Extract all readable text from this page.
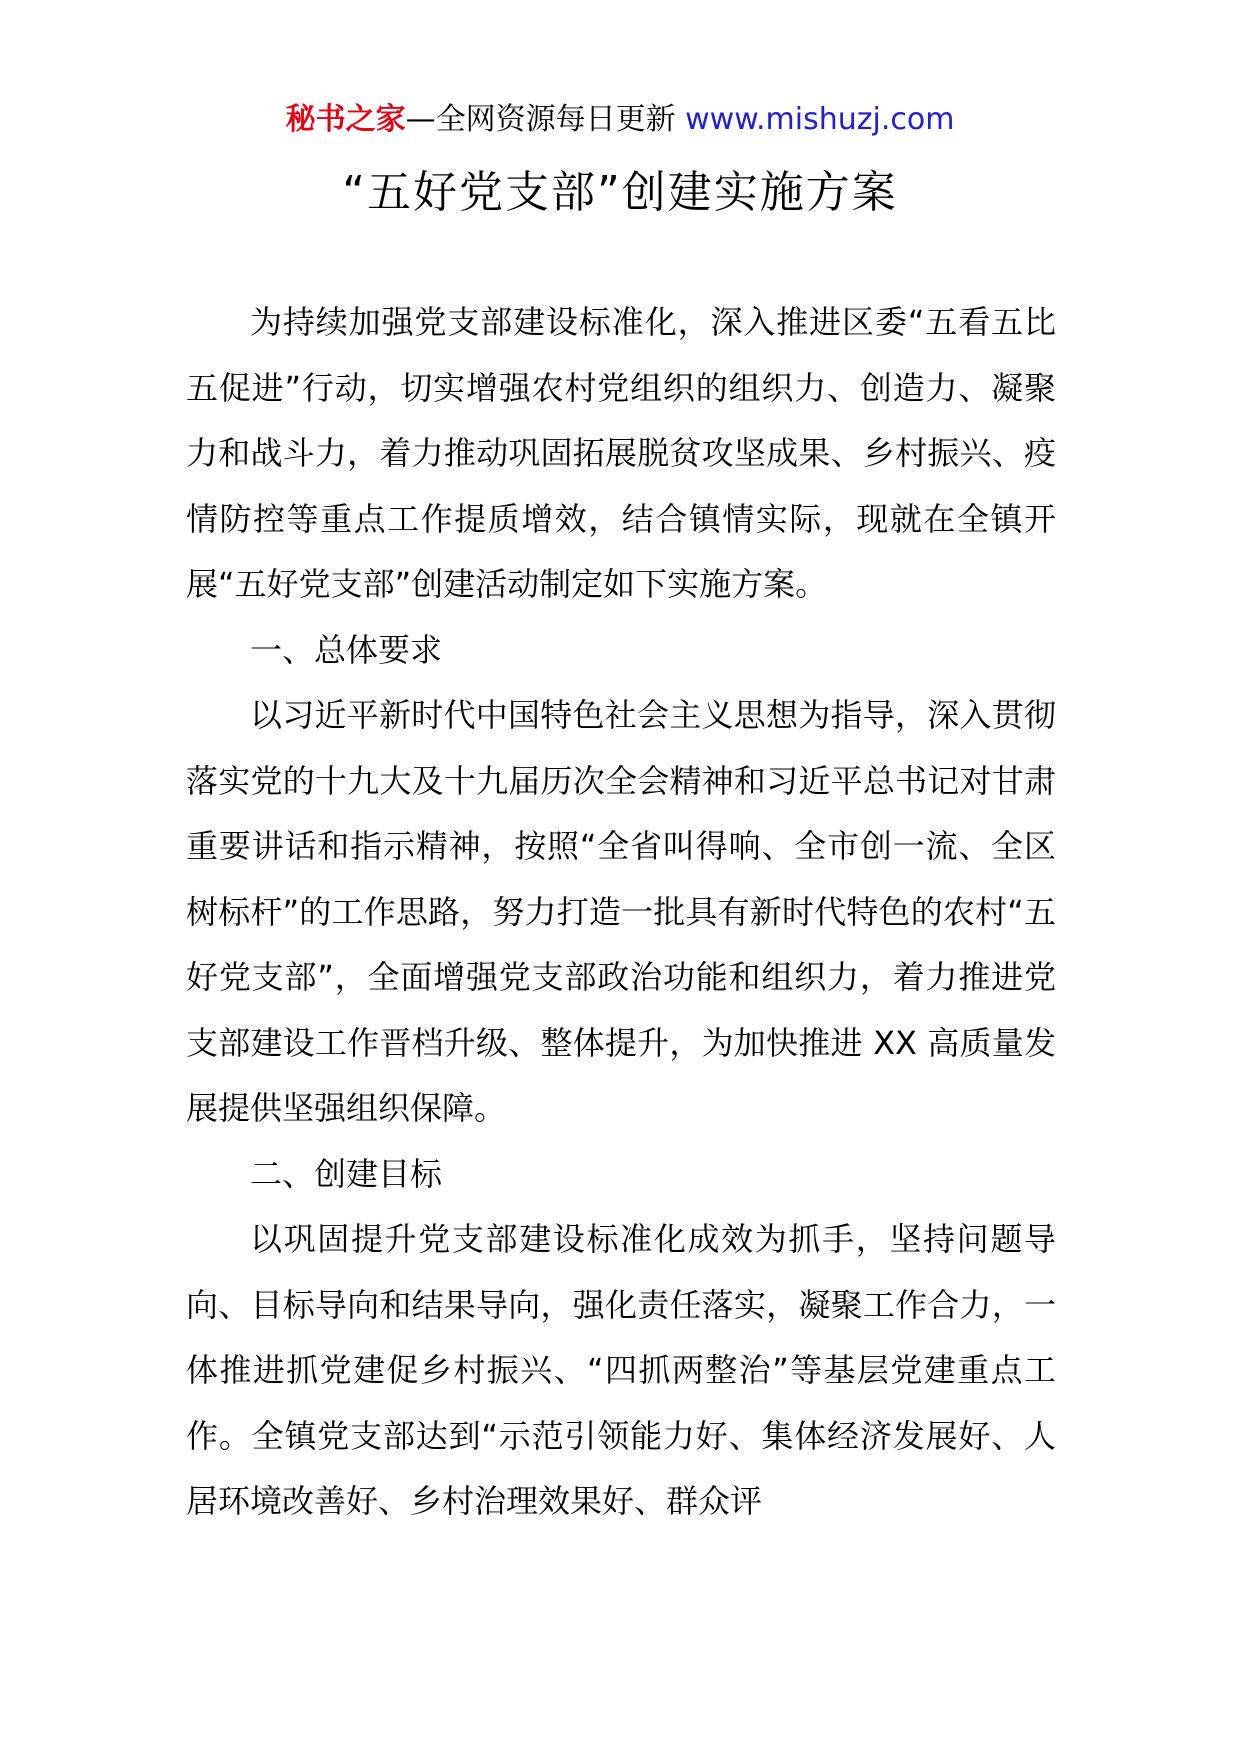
秘书之家—全网资源每日更新 www.mishuzj.com
“五好党支部”创建实施方案

为持续加强党支部建设标准化，深入推进区委“五看五比五促进”行动，切实增强农村党组织的组织力、创造力、凝聚力和战斗力，着力推动巩固拓展脱贫攻坚成果、乡村振兴、疫情防控等重点工作提质增效，结合镇情实际，现就在全镇开展“五好党支部”创建活动制定如下实施方案。

一、总体要求

以习近平新时代中国特色社会主义思想为指导，深入贯彻落实党的十九大及十九届历次全会精神和习近平总书记对甘肃重要讲话和指示精神，按照“全省叫得响、全市创一流、全区树标杆”的工作思路，努力打造一批具有新时代特色的农村“五好党支部”，全面增强党支部政治功能和组织力，着力推进党支部建设工作晋档升级、整体提升，为加快推进 XX 高质量发展提供坚强组织保障。

二、创建目标

以巩固提升党支部建设标准化成效为抓手，坚持问题导向、目标导向和结果导向，强化责任落实，凝聚工作合力，一体推进抓党建促乡村振兴、“四抓两整治”等基层党建重点工作。全镇党支部达到“示范引领能力好、集体经济发展好、人居环境改善好、乡村治理效果好、群众评
